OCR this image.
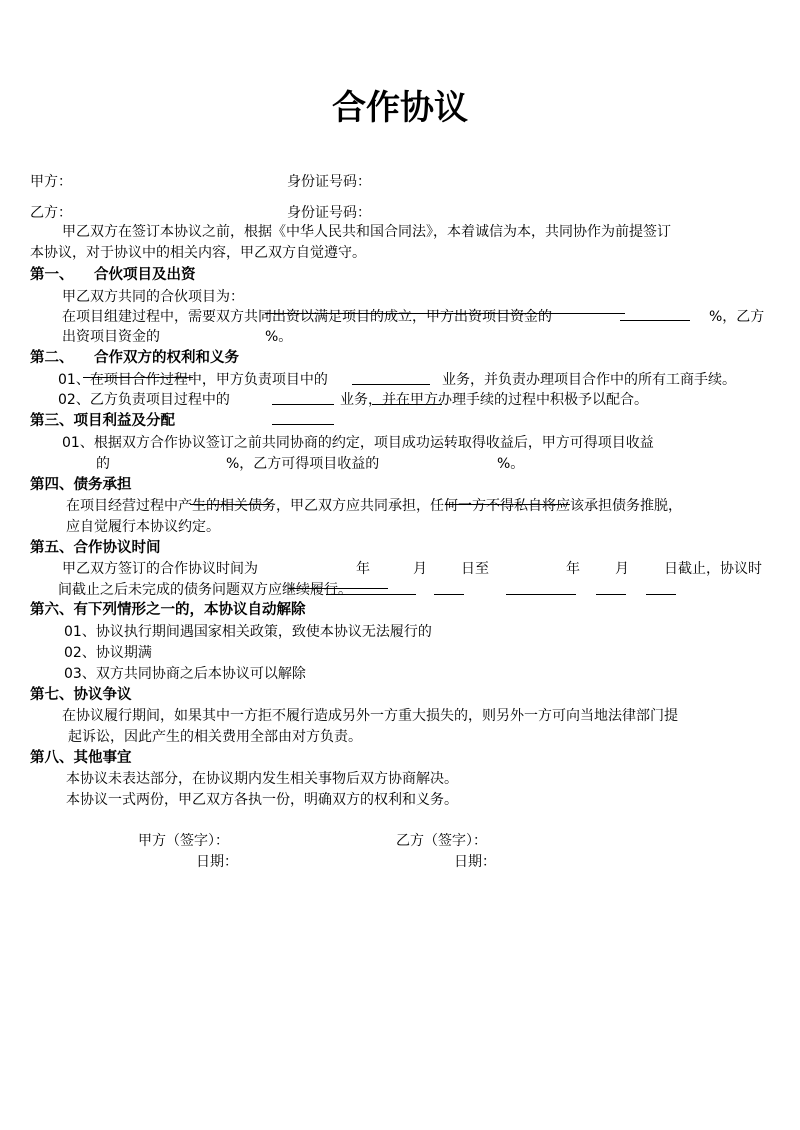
合作协议
甲方：	身份证号码：
乙方：	身份证号码：
甲乙双方在签订本协议之前，根据《中华人民共和国合同法》，本着诚信为本，共同协作为前提签订
本协议，对于协议中的相关内容，甲乙双方自觉遵守。
第一、 合伙项目及出资
甲乙双方共同的合伙项目为：
在项目组建过程中，需要双方共同出资以满足项目的成立，甲方出资项目资金的	%，乙方
出资项目资金的	%。
第二、 合作双方的权利和义务
01、在项目合作过程中，甲方负责项目中的	业务，并负责办理项目合作中的所有工商手续。
02、乙方负责项目过程中的	业务，并在甲方办理手续的过程中积极予以配合。
第三、项目利益及分配
01、根据双方合作协议签订之前共同协商的约定，项目成功运转取得收益后，甲方可得项目收益
的	%，乙方可得项目收益的	%。
第四、债务承担
在项目经营过程中产生的相关债务，甲乙双方应共同承担，任何一方不得私自将应该承担债务推脱，
应自觉履行本协议约定。
第五、合作协议时间
甲乙双方签订的合作协议时间为	年	月 日至	年	月	日截止，协议时
间截止之后未完成的债务问题双方应继续履行。
第六、有下列情形之一的，本协议自动解除
01、协议执行期间遇国家相关政策，致使本协议无法履行的
02、协议期满
03、双方共同协商之后本协议可以解除
第七、协议争议
在协议履行期间，如果其中一方拒不履行造成另外一方重大损失的，则另外一方可向当地法律部门提
起诉讼，因此产生的相关费用全部由对方负责。
第八、其他事宜
本协议未表达部分，在协议期内发生相关事物后双方协商解决。
本协议一式两份，甲乙双方各执一份，明确双方的权利和义务。
甲方（签字）：
日期：
乙方（签字）：
日期：
